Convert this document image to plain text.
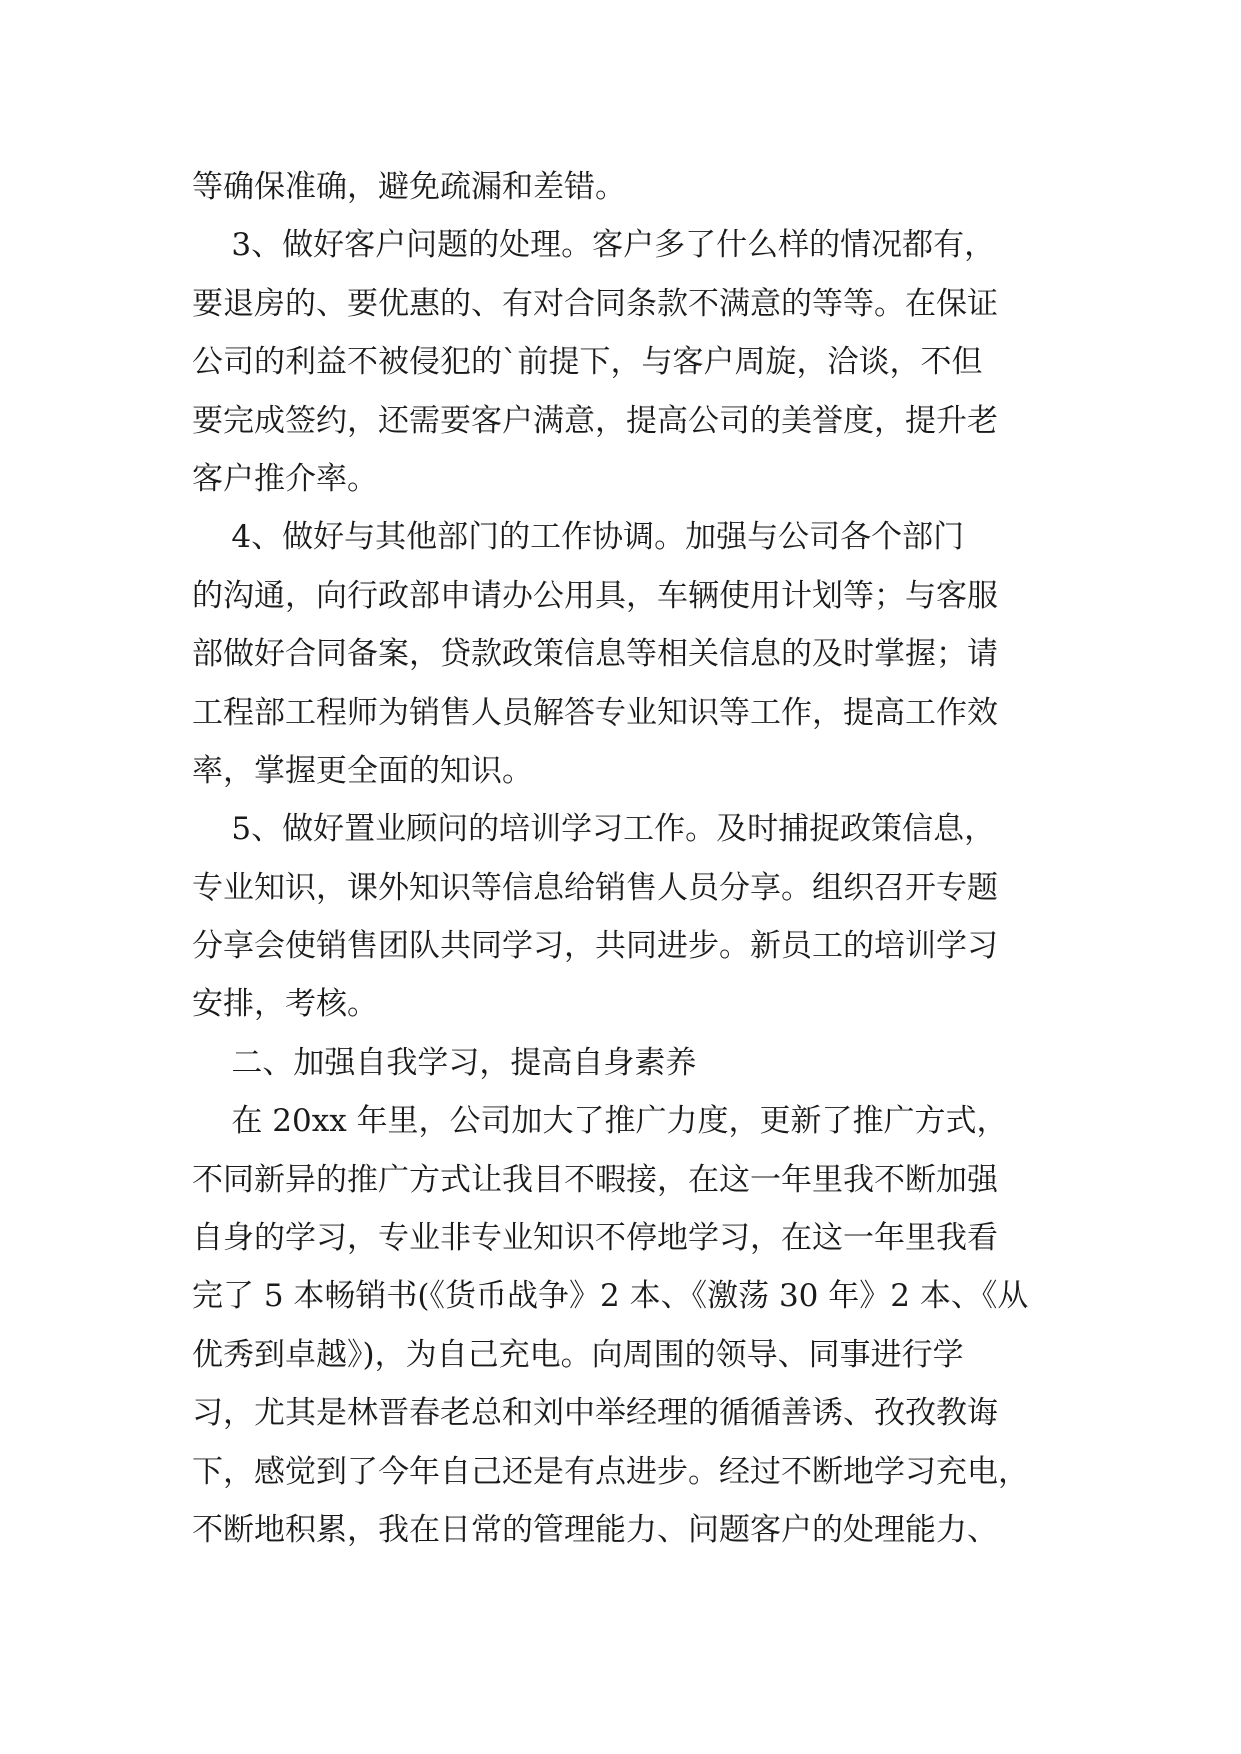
等确保准确，避免疏漏和差错。
3、做好客户问题的处理。客户多了什么样的情况都有，
要退房的、要优惠的、有对合同条款不满意的等等。在保证
公司的利益不被侵犯的`前提下，与客户周旋，洽谈，不但
要完成签约，还需要客户满意，提高公司的美誉度，提升老
客户推介率。
4、做好与其他部门的工作协调。加强与公司各个部门
的沟通，向行政部申请办公用具，车辆使用计划等；与客服
部做好合同备案，贷款政策信息等相关信息的及时掌握；请
工程部工程师为销售人员解答专业知识等工作，提高工作效
率，掌握更全面的知识。
5、做好置业顾问的培训学习工作。及时捕捉政策信息，
专业知识，课外知识等信息给销售人员分享。组织召开专题
分享会使销售团队共同学习，共同进步。新员工的培训学习
安排，考核。
二、加强自我学习，提高自身素养
在 20xx 年里，公司加大了推广力度，更新了推广方式，
不同新异的推广方式让我目不暇接，在这一年里我不断加强
自身的学习，专业非专业知识不停地学习，在这一年里我看
完了 5 本畅销书(《货币战争》2 本、《激荡 30 年》2 本、《从
优秀到卓越》)，为自己充电。向周围的领导、同事进行学
习，尤其是林晋春老总和刘中举经理的循循善诱、孜孜教诲
下，感觉到了今年自己还是有点进步。经过不断地学习充电，
不断地积累，我在日常的管理能力、问题客户的处理能力、
